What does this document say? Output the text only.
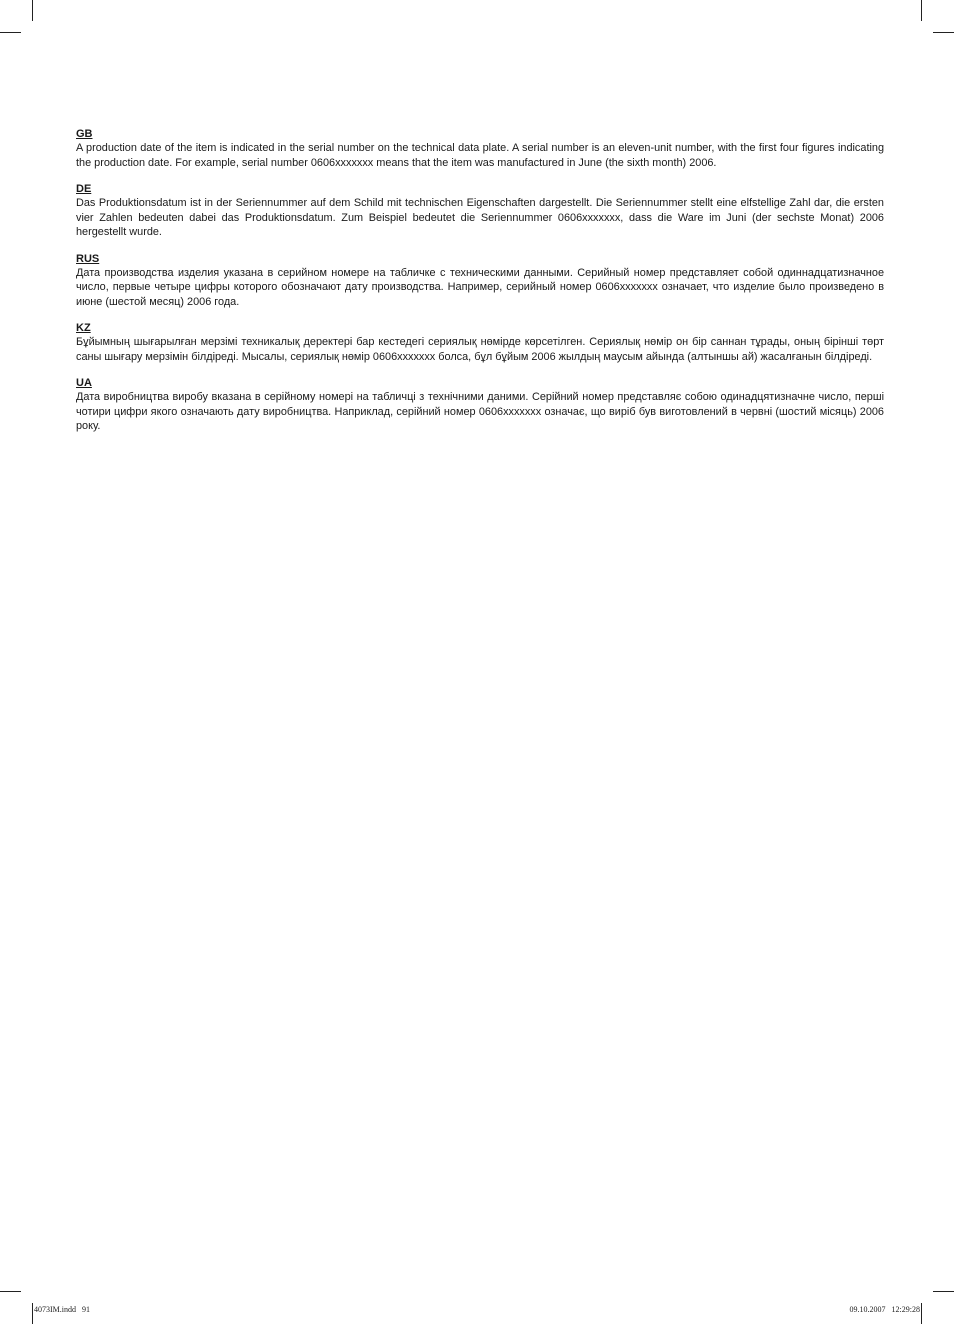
GB

A production date of the item is indicated in the serial number on the technical data plate. A serial number is an eleven-unit number, with the first four figures indicating the production date. For example, serial number 0606xxxxxxx means that the item was manufactured in June (the sixth month) 2006.

DE

Das Produktionsdatum ist in der Seriennummer auf dem Schild mit technischen Eigenschaften dargestellt. Die Seriennummer stellt eine elfstellige Zahl dar, die ersten vier Zahlen bedeuten dabei das Produktionsdatum. Zum Beispiel bedeutet die Seriennummer 0606xxxxxxx, dass die Ware im Juni (der sechste Monat) 2006 hergestellt wurde.

RUS

Дата производства изделия указана в серийном номере на табличке с техническими данными. Серийный номер представляет собой одиннадцатизначное число, первые четыре цифры которого обозначают дату производства. Например, серийный номер 0606xxxxxxx означает, что изделие было произведено в июне (шестой месяц) 2006 года.

KZ

Бұйымның шығарылған мерзімі техникалық деректері бар кестедегі сериялық нөмірде көрсетілген. Сериялық нөмір он бір саннан тұрады, оның бірінші төрт саны шығару мерзімін білдіреді. Мысалы, сериялық нөмір 0606xxxxxxx болса, бұл бұйым 2006 жылдың маусым айында (алтыншы ай) жасалғанын білдіреді.

UA

Дата виробництва виробу вказана в серійному номері на табличці з технічними даними. Серійний номер представляє собою одинадцятизначне число, перші чотири цифри якого означають дату виробництва. Наприклад, серійний номер 0606xxxxxxx означає, що виріб був виготовлений в червні (шостий місяць) 2006 року.

4073IM.indd   91	09.10.2007   12:29:28
